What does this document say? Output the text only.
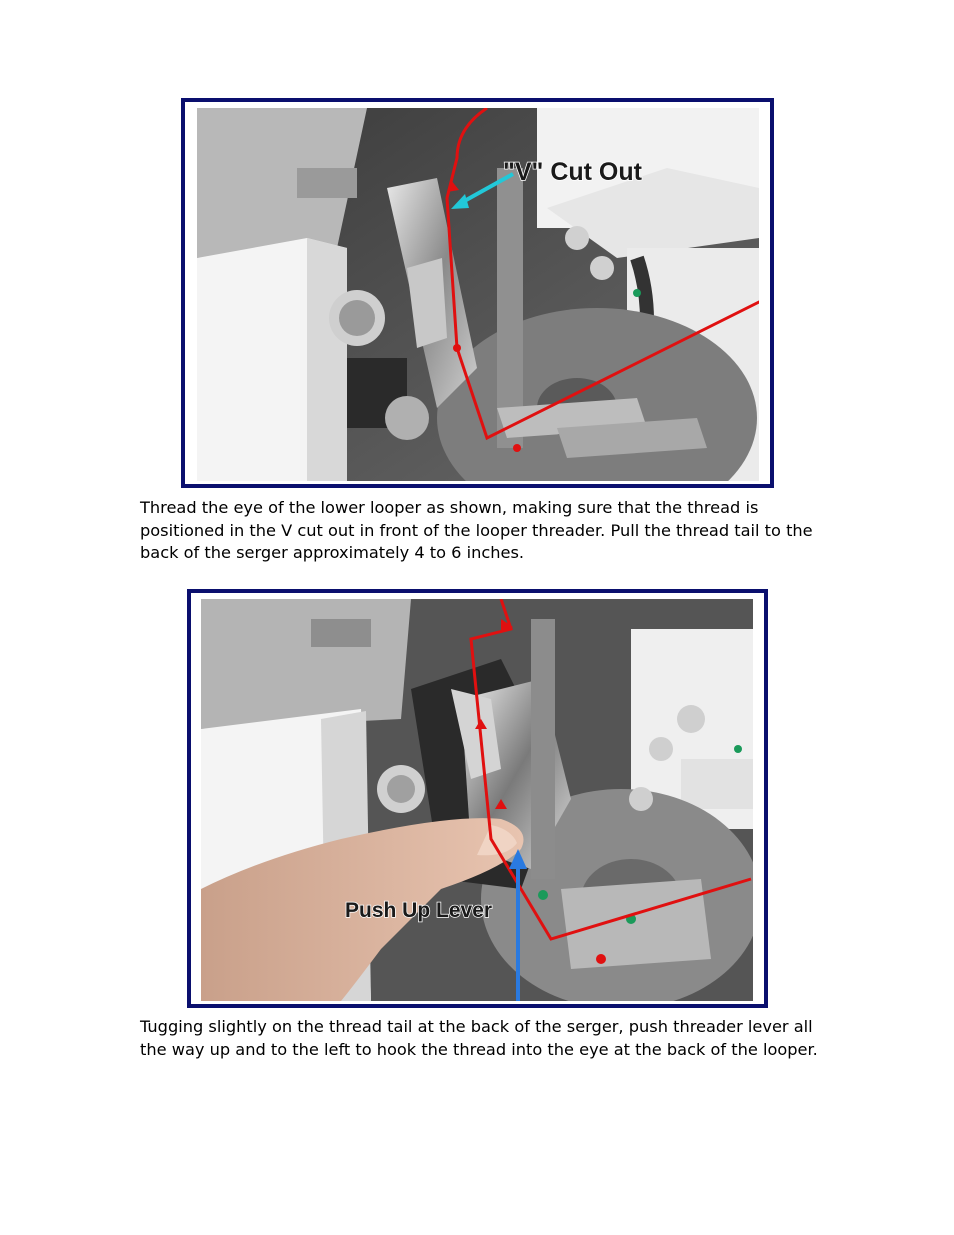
"V" Cut Out

Thread the eye of the lower looper as shown, making sure that the thread is positioned in the V cut out in front of the looper threader. Pull the thread tail to the back of the serger approximately 4 to 6 inches.

Push Up Lever

Tugging slightly on the thread tail at the back of the serger, push threader lever all the way up and to the left to hook the thread into the eye at the back of the looper.
